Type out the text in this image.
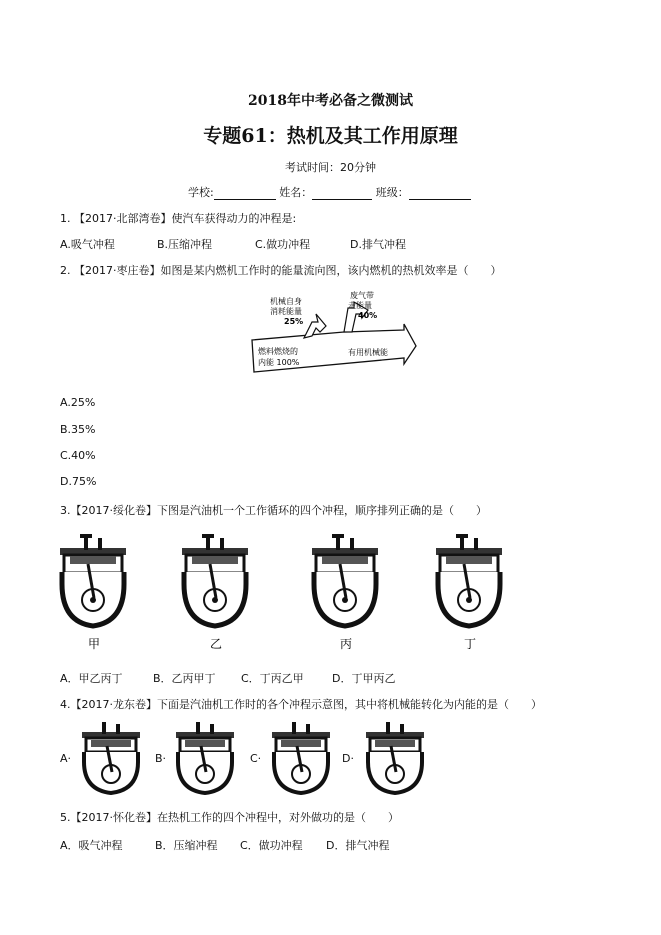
2018年中考必备之微测试
专题61：热机及其工作用原理
考试时间：20分钟
学校:	姓名：	班级：
1. 【2017·北部湾卷】使汽车获得动力的冲程是:
A.吸气冲程	B.压缩冲程	C.做功冲程	D.排气冲程
2. 【2017·枣庄卷】如图是某内燃机工作时的能量流向图，该内燃机的热机效率是（　　）
机械自身
消耗能量
25%
废气带
走能量
40%
燃料燃烧的
内能 100%
有用机械能
A.25%
B.35%
C.40%
D.75%
3.【2017·绥化卷】下图是汽油机一个工作循环的四个冲程，顺序排列正确的是（　　）
甲	乙	丙	丁
A．甲乙丙丁	B．乙丙甲丁 C．丁丙乙甲	D．丁甲丙乙
4.【2017·龙东卷】下面是汽油机工作时的各个冲程示意图，其中将机械能转化为内能的是（　　）
A·	B·	C·	D·
5.【2017·怀化卷】在热机工作的四个冲程中，对外做功的是（　　）
A．吸气冲程	B．压缩冲程 C．做功冲程 D．排气冲程
